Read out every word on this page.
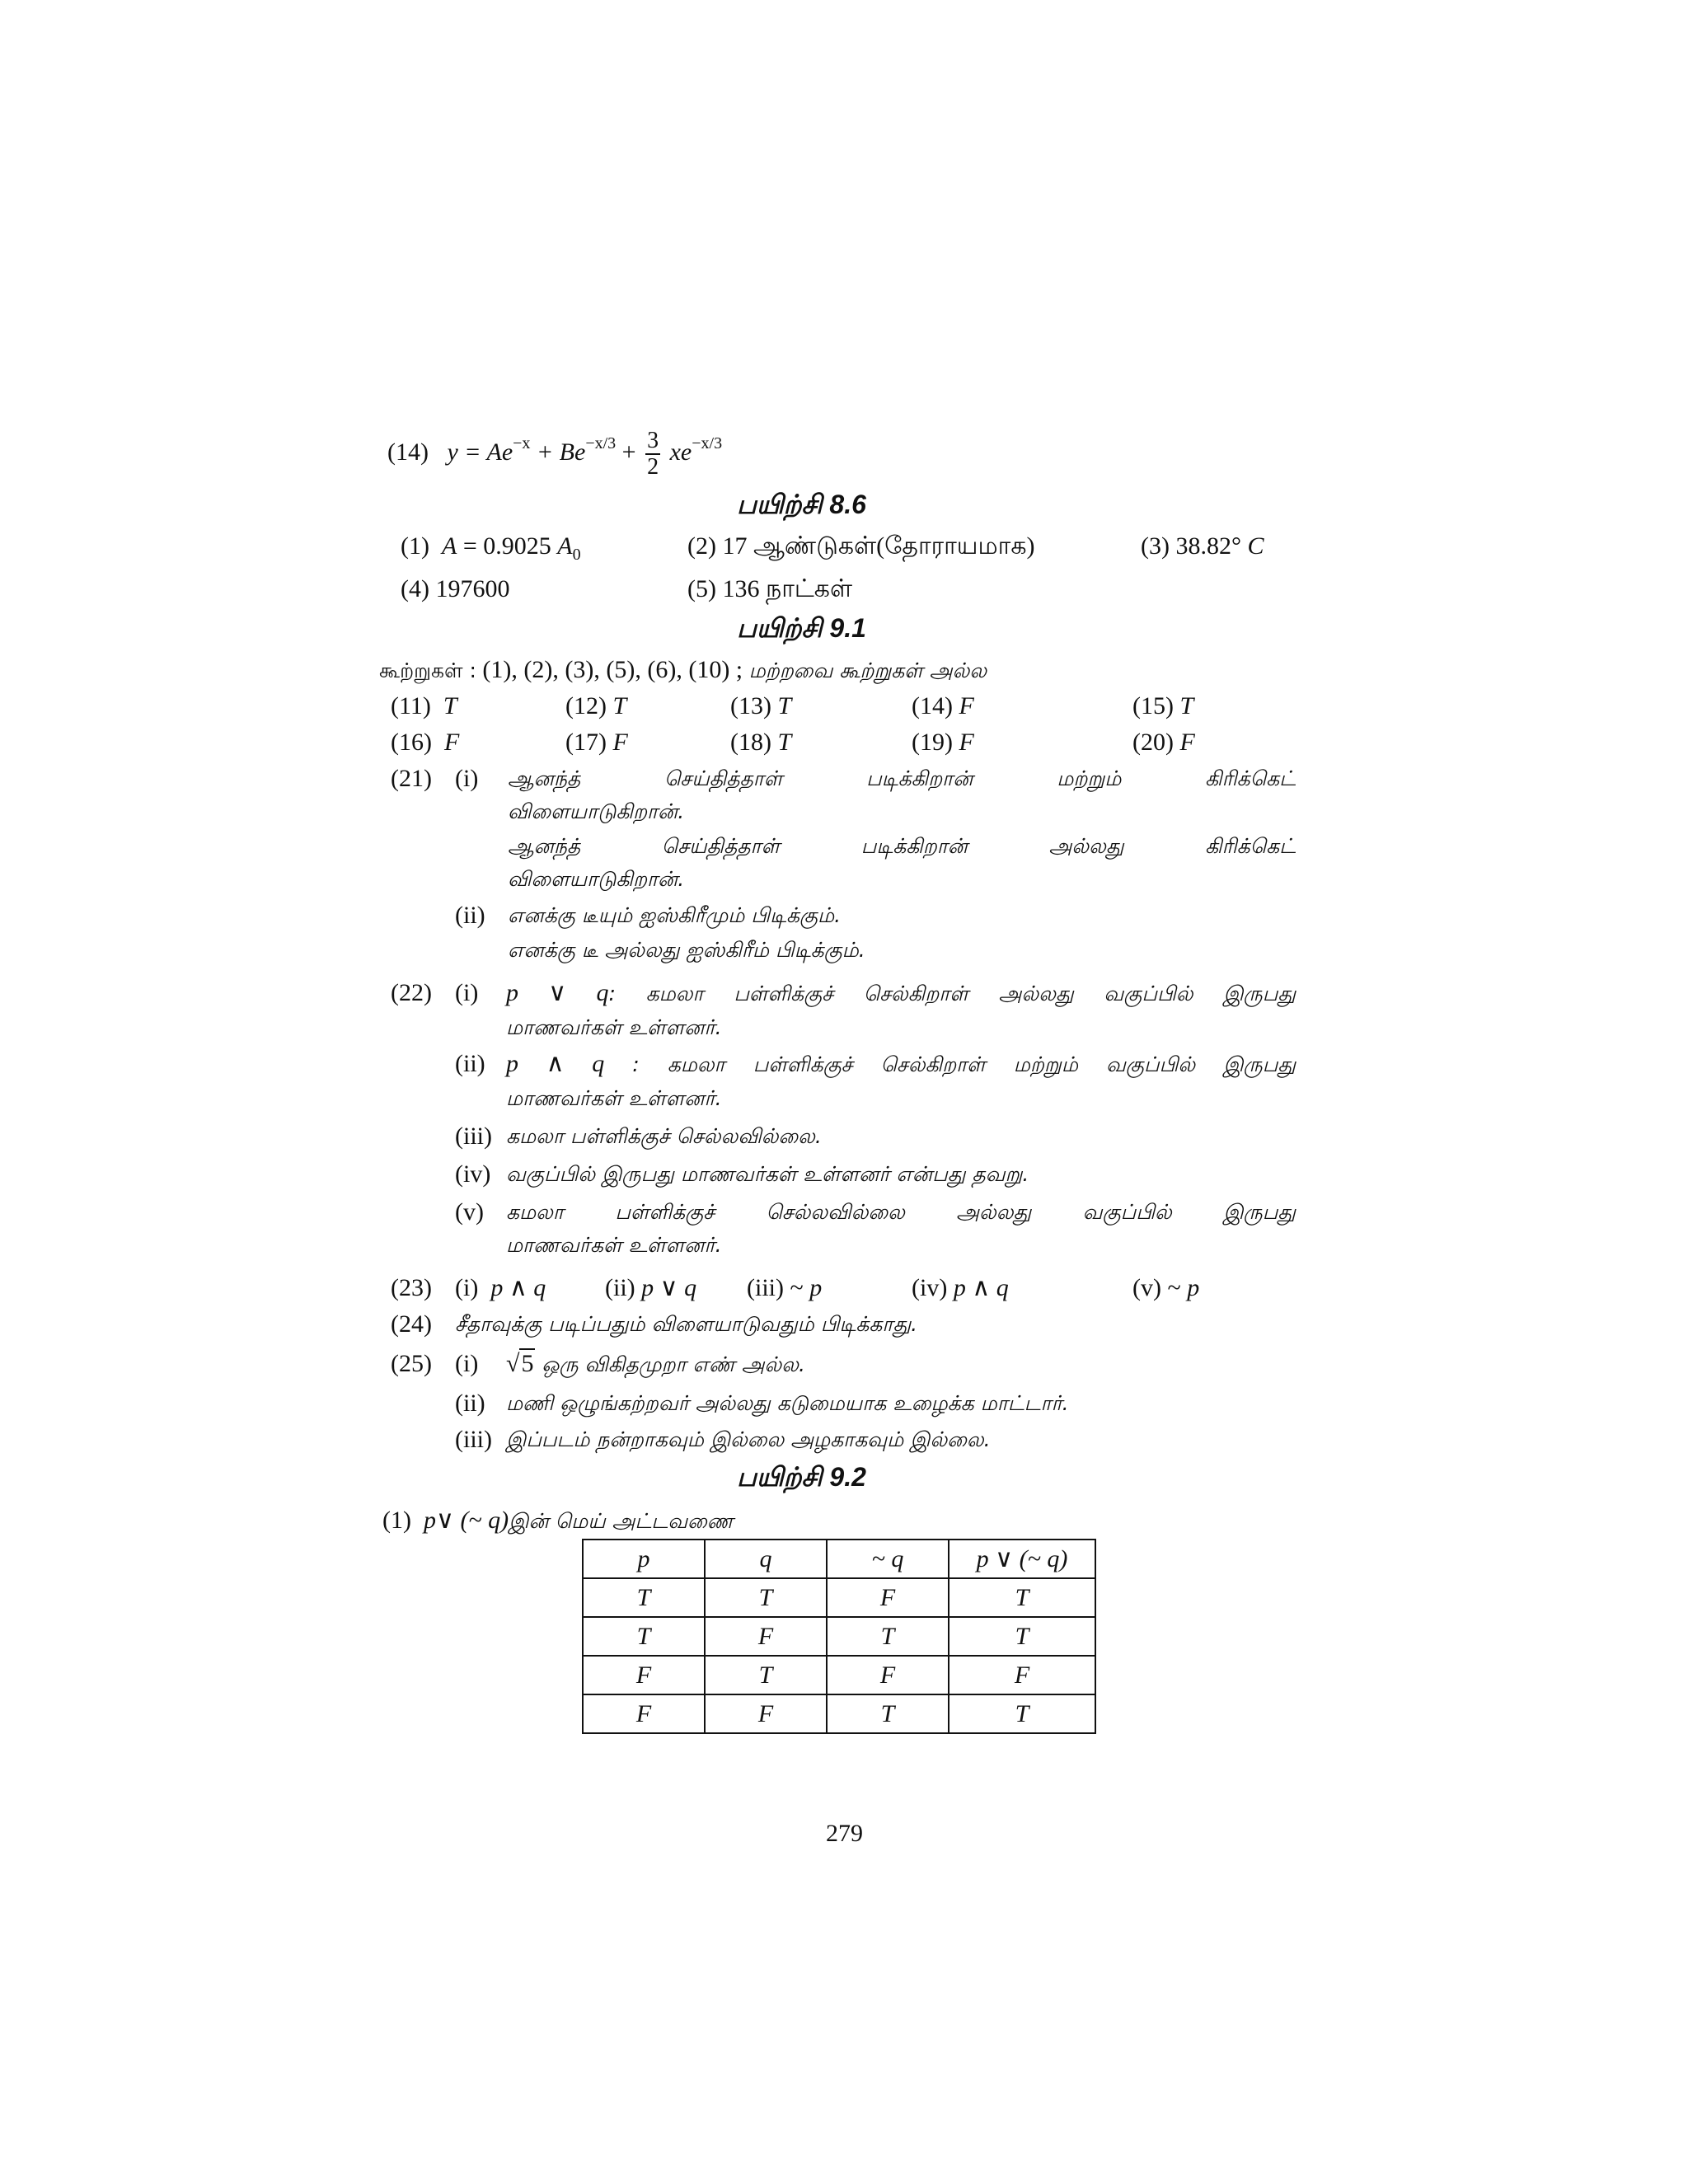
(14) $y = Ae^{-x} + Be^{-x/3} + \frac{3}{2} xe^{-x/3}$
பயிற்சி 8.6
(1)  A = 0.9025 $A_0$	(2) 17 ஆண்டுகள்(தோராயமாக)	(3) 38.82° C
(4) 197600	(5) 136 நாட்கள்
பயிற்சி 9.1
கூற்றுகள் : (1), (2), (3), (5), (6), (10) ; மற்றவை கூற்றுகள் அல்ல
(11) T	(12) T	(13) T	(14) F	(15) T
(16) F	(17) F	(18) T	(19) F	(20) F
(21) (i) ஆனந்த் செய்தித்தாள் படிக்கிறான் மற்றும் கிரிக்கெட்
விளையாடுகிறான்.
ஆனந்த் செய்தித்தாள் படிக்கிறான் அல்லது கிரிக்கெட்
விளையாடுகிறான்.
(ii) எனக்கு டீயும் ஐஸ்கிரீமும் பிடிக்கும்.
எனக்கு டீ அல்லது ஐஸ்கிரீம் பிடிக்கும்.
(22) (i) p ∨ q: கமலா பள்ளிக்குச் செல்கிறாள் அல்லது வகுப்பில் இருபது
மாணவர்கள் உள்ளனர்.
(ii) p ∧ q : கமலா பள்ளிக்குச் செல்கிறாள் மற்றும் வகுப்பில் இருபது
மாணவர்கள் உள்ளனர்.
(iii) கமலா பள்ளிக்குச் செல்லவில்லை.
(iv) வகுப்பில் இருபது மாணவர்கள் உள்ளனர் என்பது தவறு.
(v) கமலா பள்ளிக்குச் செல்லவில்லை அல்லது வகுப்பில் இருபது
மாணவர்கள் உள்ளனர்.
(23) (i) p ∧ q (ii) p ∨ q (iii) ~ p	(iv) p ∧ q	(v) ~ p
(24) சீதாவுக்கு படிப்பதும் விளையாடுவதும் பிடிக்காது.
(25) (i) √5 ஒரு விகிதமுறா எண் அல்ல.
(ii) மணி ஒழுங்கற்றவர் அல்லது கடுமையாக உழைக்க மாட்டார்.
(iii) இப்படம் நன்றாகவும் இல்லை அழகாகவும் இல்லை.
பயிற்சி 9.2
(1) p∨ (~ q)இன் மெய் அட்டவணை
p	q	~ q	p ∨ (~ q)
T	T	F	T
T	F	T	T
F	T	F	F
F	F	T	T
279
